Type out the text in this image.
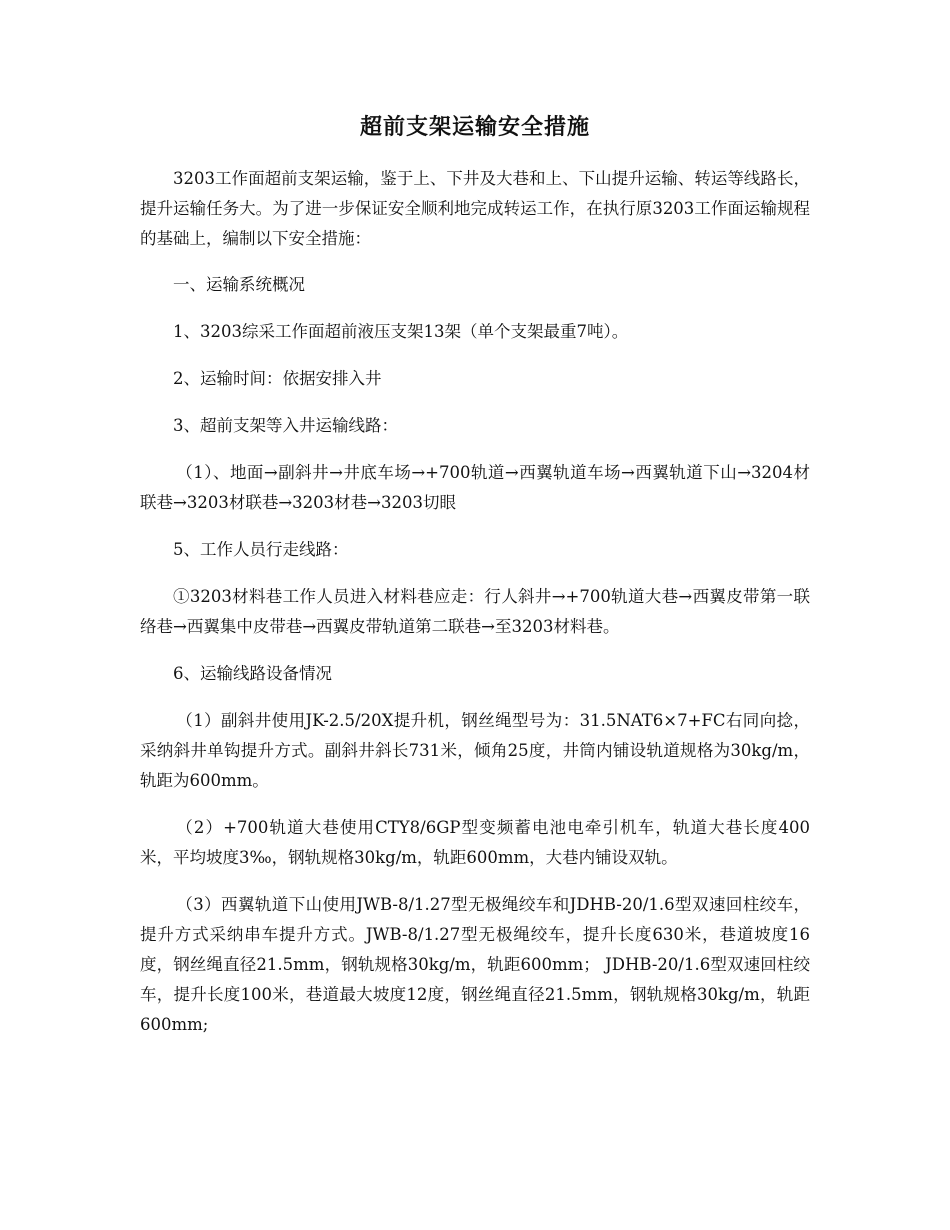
超前支架运输安全措施

3203工作面超前支架运输，鉴于上、下井及大巷和上、下山提升运输、转运等线路长，提升运输任务大。为了进一步保证安全顺利地完成转运工作，在执行原3203工作面运输规程的基础上，编制以下安全措施：

一、运输系统概况

1、3203综采工作面超前液压支架13架（单个支架最重7吨）。

2、运输时间：依据安排入井

3、超前支架等入井运输线路：

（1）、地面→副斜井→井底车场→+700轨道→西翼轨道车场→西翼轨道下山→3204材联巷→3203材联巷→3203材巷→3203切眼

5、工作人员行走线路：

①3203材料巷工作人员进入材料巷应走：行人斜井→+700轨道大巷→西翼皮带第一联络巷→西翼集中皮带巷→西翼皮带轨道第二联巷→至3203材料巷。

6、运输线路设备情况

（1）副斜井使用JK-2.5/20X提升机，钢丝绳型号为：31.5NAT6×7+FC右同向捻，采纳斜井单钩提升方式。副斜井斜长731米，倾角25度，井筒内铺设轨道规格为30kg/m，轨距为600mm。

（2）+700轨道大巷使用CTY8/6GP型变频蓄电池电牵引机车，轨道大巷长度400米，平均坡度3‰，钢轨规格30kg/m，轨距600mm，大巷内铺设双轨。

（3）西翼轨道下山使用JWB-8/1.27型无极绳绞车和JDHB-20/1.6型双速回柱绞车，提升方式采纳串车提升方式。JWB-8/1.27型无极绳绞车，提升长度630米，巷道坡度16度，钢丝绳直径21.5mm，钢轨规格30kg/m，轨距600mm； JDHB-20/1.6型双速回柱绞车，提升长度100米，巷道最大坡度12度，钢丝绳直径21.5mm，钢轨规格30kg/m，轨距600mm;
